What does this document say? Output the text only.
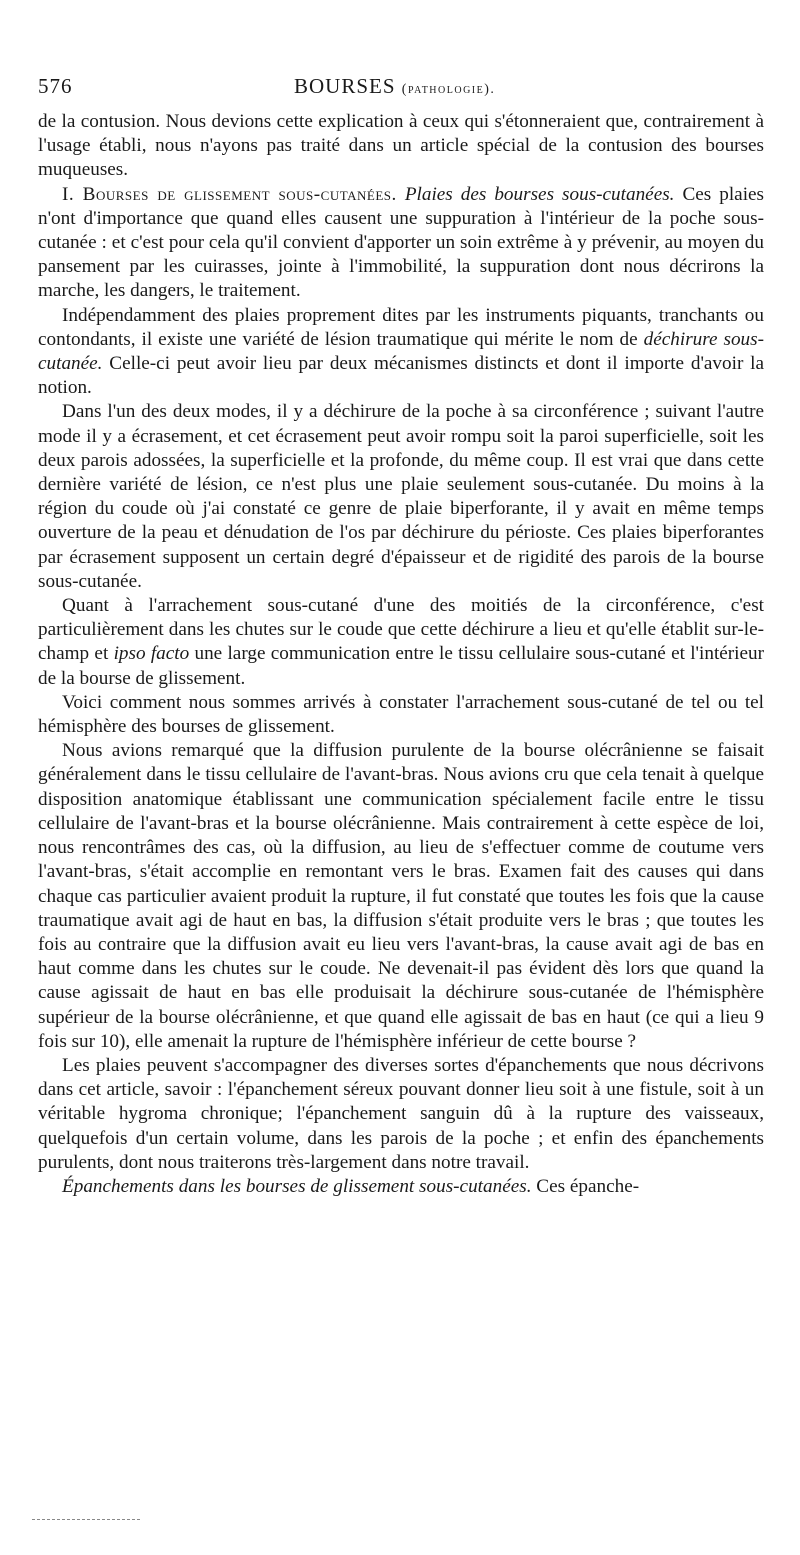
576	BOURSES (pathologie).

de la contusion. Nous devions cette explication à ceux qui s'étonneraient que, contrairement à l'usage établi, nous n'ayons pas traité dans un article spécial de la contusion des bourses muqueuses.

I. Bourses de glissement sous-cutanées. Plaies des bourses sous-cutanées. Ces plaies n'ont d'importance que quand elles causent une suppuration à l'intérieur de la poche sous-cutanée : et c'est pour cela qu'il convient d'apporter un soin extrême à y prévenir, au moyen du pansement par les cuirasses, jointe à l'immobilité, la suppuration dont nous décrirons la marche, les dangers, le traitement.

Indépendamment des plaies proprement dites par les instruments piquants, tranchants ou contondants, il existe une variété de lésion traumatique qui mérite le nom de déchirure sous-cutanée. Celle-ci peut avoir lieu par deux mécanismes distincts et dont il importe d'avoir la notion.

Dans l'un des deux modes, il y a déchirure de la poche à sa circonférence ; suivant l'autre mode il y a écrasement, et cet écrasement peut avoir rompu soit la paroi superficielle, soit les deux parois adossées, la superficielle et la profonde, du même coup. Il est vrai que dans cette dernière variété de lésion, ce n'est plus une plaie seulement sous-cutanée. Du moins à la région du coude où j'ai constaté ce genre de plaie biperforante, il y avait en même temps ouverture de la peau et dénudation de l'os par déchirure du périoste. Ces plaies biperforantes par écrasement supposent un certain degré d'épaisseur et de rigidité des parois de la bourse sous-cutanée.

Quant à l'arrachement sous-cutané d'une des moitiés de la circonférence, c'est particulièrement dans les chutes sur le coude que cette déchirure a lieu et qu'elle établit sur-le-champ et ipso facto une large communication entre le tissu cellulaire sous-cutané et l'intérieur de la bourse de glissement.

Voici comment nous sommes arrivés à constater l'arrachement sous-cutané de tel ou tel hémisphère des bourses de glissement.

Nous avions remarqué que la diffusion purulente de la bourse olécrânienne se faisait généralement dans le tissu cellulaire de l'avant-bras. Nous avions cru que cela tenait à quelque disposition anatomique établissant une communication spécialement facile entre le tissu cellulaire de l'avant-bras et la bourse olécrânienne. Mais contrairement à cette espèce de loi, nous rencontrâmes des cas, où la diffusion, au lieu de s'effectuer comme de coutume vers l'avant-bras, s'était accomplie en remontant vers le bras. Examen fait des causes qui dans chaque cas particulier avaient produit la rupture, il fut constaté que toutes les fois que la cause traumatique avait agi de haut en bas, la diffusion s'était produite vers le bras ; que toutes les fois au contraire que la diffusion avait eu lieu vers l'avant-bras, la cause avait agi de bas en haut comme dans les chutes sur le coude. Ne devenait-il pas évident dès lors que quand la cause agissait de haut en bas elle produisait la déchirure sous-cutanée de l'hémisphère supérieur de la bourse olécrânienne, et que quand elle agissait de bas en haut (ce qui a lieu 9 fois sur 10), elle amenait la rupture de l'hémisphère inférieur de cette bourse ?

Les plaies peuvent s'accompagner des diverses sortes d'épanchements que nous décrivons dans cet article, savoir : l'épanchement séreux pouvant donner lieu soit à une fistule, soit à un véritable hygroma chronique; l'épanchement sanguin dû à la rupture des vaisseaux, quelquefois d'un certain volume, dans les parois de la poche ; et enfin des épanchements purulents, dont nous traiterons très-largement dans notre travail.

Épanchements dans les bourses de glissement sous-cutanées. Ces épanche-
